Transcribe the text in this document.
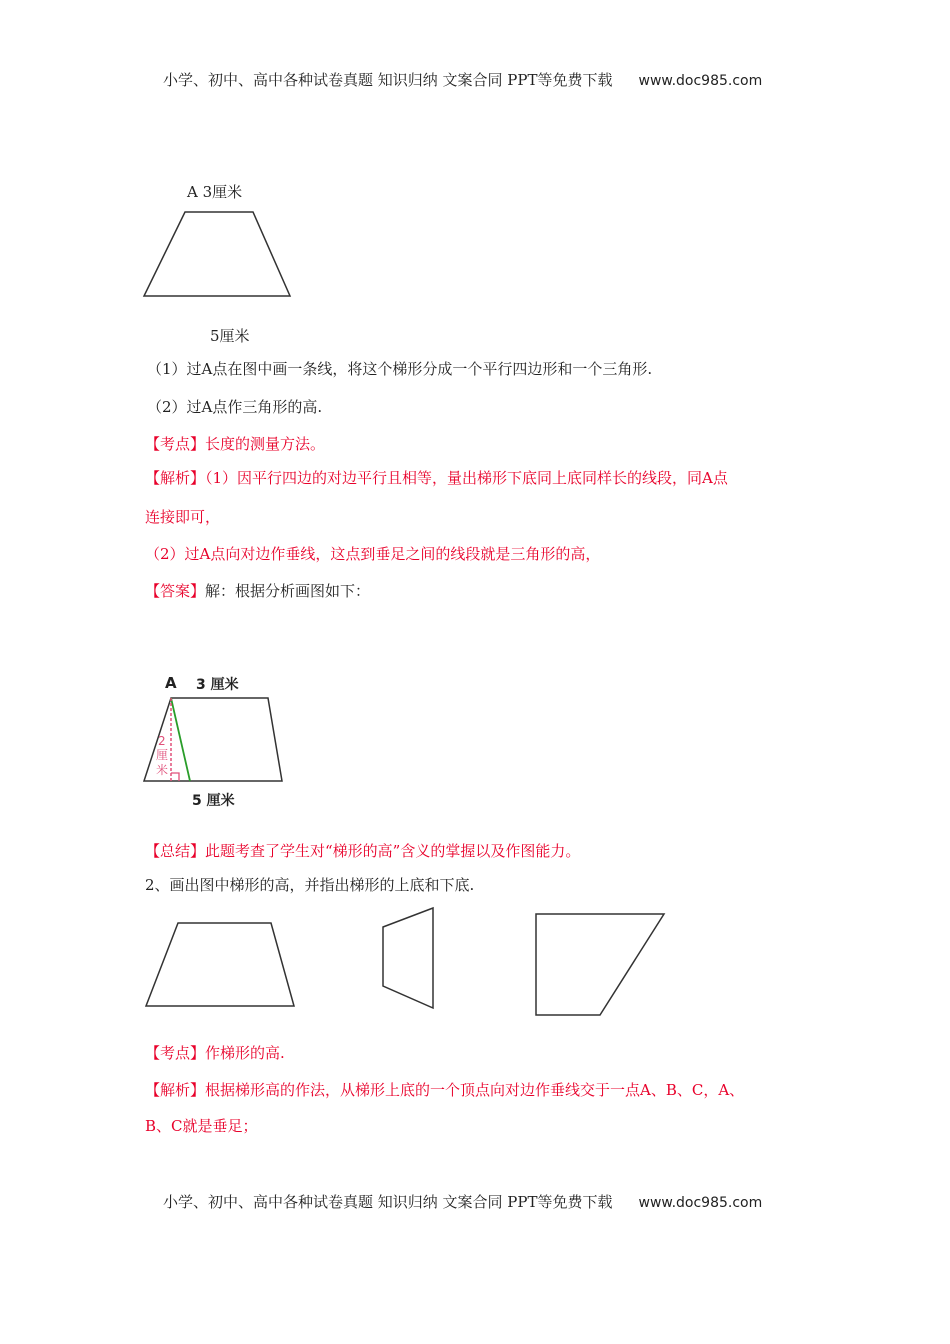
小学、初中、高中各种试卷真题 知识归纳 文案合同 PPT等免费下载 www.doc985.com
A 3厘米
5厘米
（1）过A点在图中画一条线，将这个梯形分成一个平行四边形和一个三角形.
（2）过A点作三角形的高.
【考点】长度的测量方法。
【解析】（1）因平行四边的对边平行且相等，量出梯形下底同上底同样长的线段，同A点
连接即可，
（2）过A点向对边作垂线，这点到垂足之间的线段就是三角形的高，
【答案】解：根据分析画图如下：
A 3 厘米
2
厘
米
5 厘米
【总结】此题考查了学生对“梯形的高”含义的掌握以及作图能力。
2、画出图中梯形的高，并指出梯形的上底和下底.
【考点】作梯形的高.
【解析】根据梯形高的作法，从梯形上底的一个顶点向对边作垂线交于一点A、B、C，A、
B、C就是垂足；
小学、初中、高中各种试卷真题 知识归纳 文案合同 PPT等免费下载 www.doc985.com
